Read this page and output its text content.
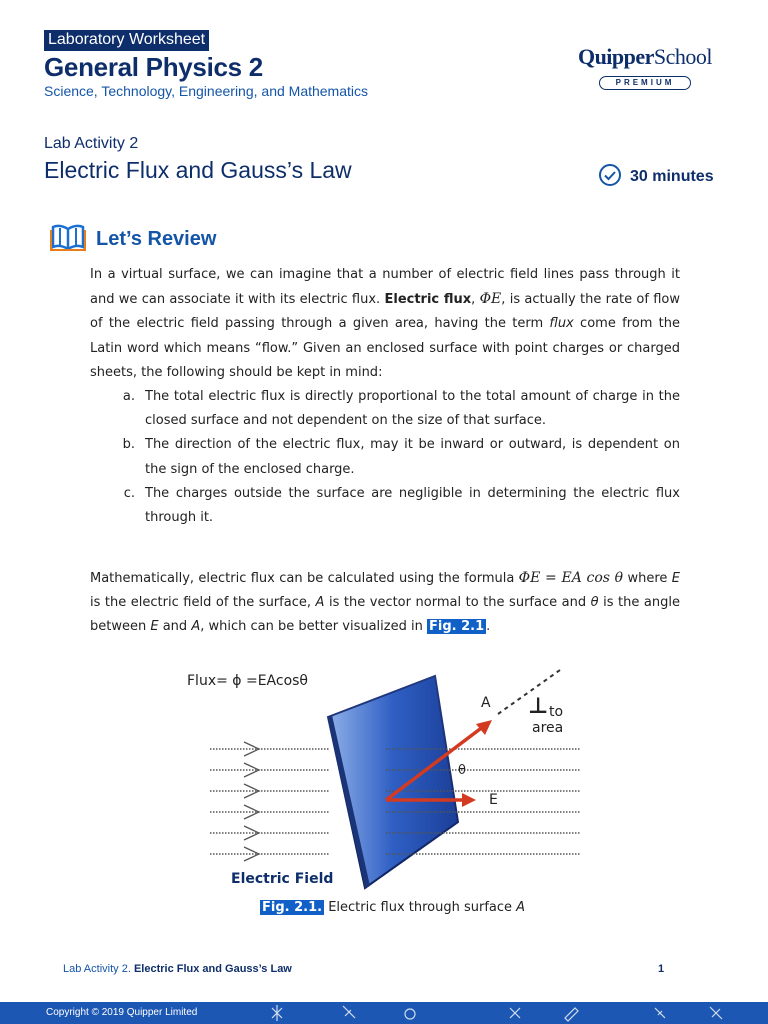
Laboratory Worksheet
General Physics 2
Science, Technology, Engineering, and Mathematics
QuipperSchool
PREMIUM
Lab Activity 2
Electric Flux and Gauss’s Law	30 minutes
Let’s Review

In a virtual surface, we can imagine that a number of electric field lines pass through it and we can associate it with its electric flux. Electric flux, ΦE, is actually the rate of flow of the electric field passing through a given area, having the term flux come from the Latin word which means “flow.” Given an enclosed surface with point charges or charged sheets, the following should be kept in mind:

a. The total electric flux is directly proportional to the total amount of charge in the closed surface and not dependent on the size of that surface.
b. The direction of the electric flux, may it be inward or outward, is dependent on the sign of the enclosed charge.
c. The charges outside the surface are negligible in determining the electric flux through it.

Mathematically, electric flux can be calculated using the formula ΦE = EA cos θ where E is the electric field of the surface, A is the vector normal to the surface and θ is the angle between E and A, which can be better visualized in Fig. 2.1 .

Flux= ɸ =EAcosθ
A ⊥ to
area
θ
E
Electric Field
Fig. 2.1. Electric flux through surface A
Lab Activity 2. Electric Flux and Gauss’s Law	1
Copyright © 2019 Quipper Limited
